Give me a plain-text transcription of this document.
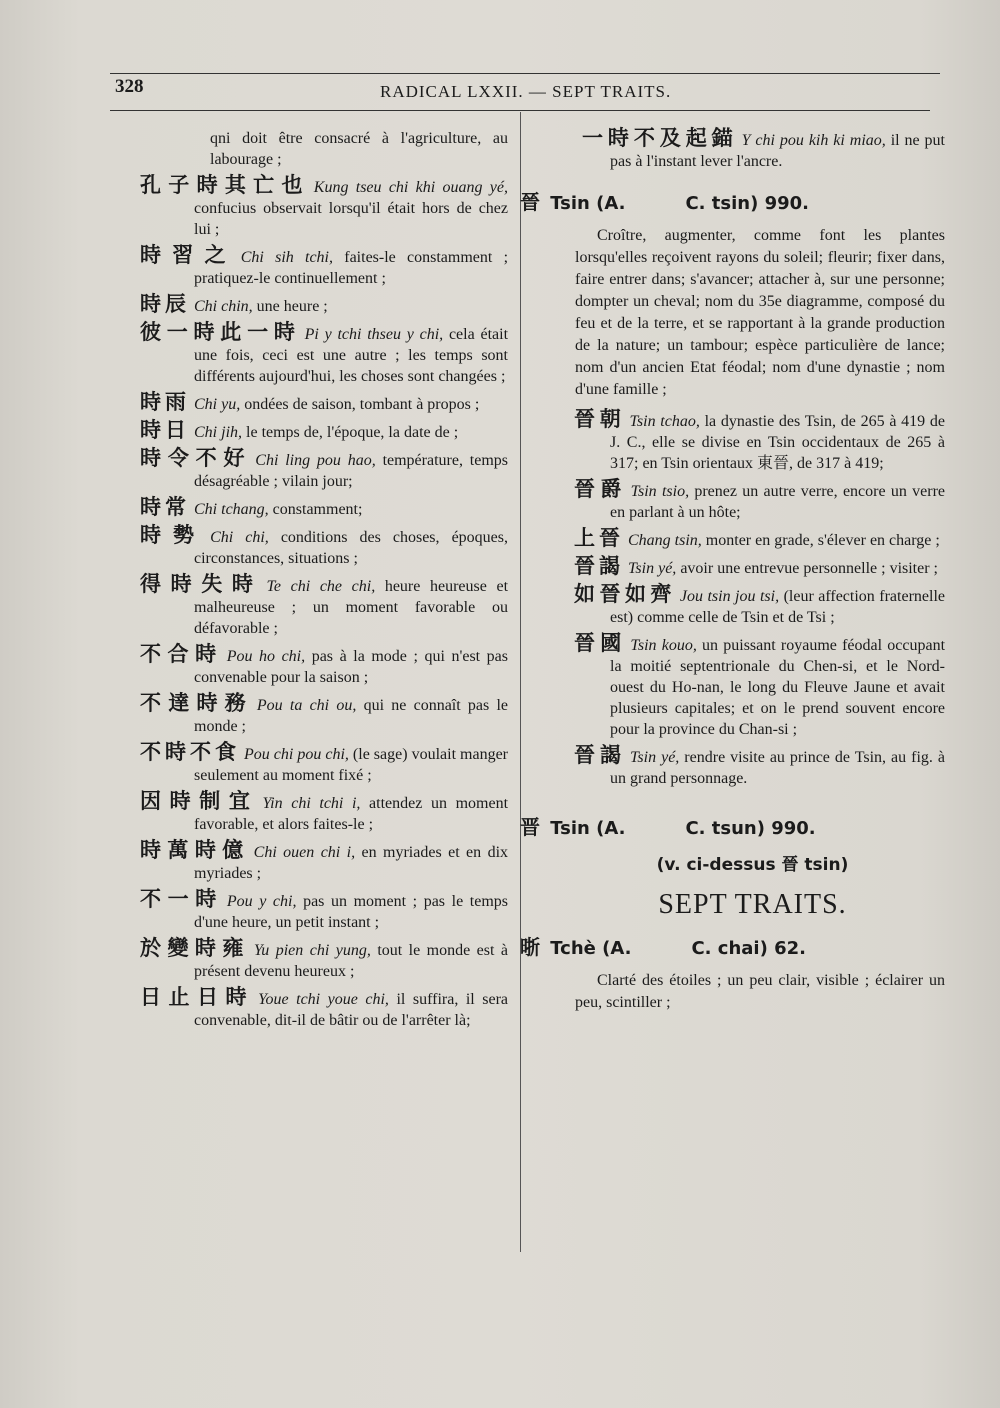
328	RADICAL LXXII. — SEPT TRAITS.

qni doit être consacré à l'agriculture, au labourage ;

孔子時其亡也 Kung tseu chi khi ouang yé, confucius observait lorsqu'il était hors de chez lui ;

時習之 Chi sih tchi, faites-le constamment ; pratiquez-le continuellement ;

時辰 Chi chin, une heure ;

彼一時此一時 Pi y tchi thseu y chi, cela était une fois, ceci est une autre ; les temps sont différents aujourd'hui, les choses sont changées ;

時雨 Chi yu, ondées de saison, tombant à propos ;

時日 Chi jih, le temps de, l'époque, la date de ;

時令不好 Chi ling pou hao, température, temps désagréable ; vilain jour;

時常 Chi tchang, constamment;

時勢 Chi chi, conditions des choses, époques, circonstances, situations ;

得時失時 Te chi che chi, heure heureuse et malheureuse ; un moment favorable ou défavorable ;

不合時 Pou ho chi, pas à la mode ; qui n'est pas convenable pour la saison ;

不達時務 Pou ta chi ou, qui ne connaît pas le monde ;

不時不食 Pou chi pou chi, (le sage) voulait manger seulement au moment fixé ;

因時制宜 Yin chi tchi i, attendez un moment favorable, et alors faites-le ;

時萬時億 Chi ouen chi i, en myriades et en dix myriades ;

不一時 Pou y chi, pas un moment ; pas le temps d'une heure, un petit instant ;

於變時雍 Yu pien chi yung, tout le monde est à présent devenu heureux ;

日止日時 Youe tchi youe chi, il suffira, il sera convenable, dit-il de bâtir ou de l'arrêter là;

一時不及起錨 Y chi pou kih ki miao, il ne put pas à l'instant lever l'ancre.

晉 Tsin (A.	C. tsin) 990.

Croître, augmenter, comme font les plantes lorsqu'elles reçoivent rayons du soleil; fleurir; fixer dans, faire entrer dans; s'avancer; attacher à, sur une personne; dompter un cheval; nom du 35e diagramme, composé du feu et de la terre, et se rapportant à la grande production de la nature; un tambour; espèce particulière de lance; nom d'un ancien Etat féodal; nom d'une dynastie ; nom d'une famille ;

晉朝 Tsin tchao, la dynastie des Tsin, de 265 à 419 de J. C., elle se divise en Tsin occidentaux de 265 à 317; en Tsin orientaux 東晉, de 317 à 419;

晉爵 Tsin tsio, prenez un autre verre, encore un verre en parlant à un hôte;

上晉 Chang tsin, monter en grade, s'élever en charge ;

晉謁 Tsin yé, avoir une entrevue personnelle ; visiter ;

如晉如齊 Jou tsin jou tsi, (leur affection fraternelle est) comme celle de Tsin et de Tsi ;

晉國 Tsin kouo, un puissant royaume féodal occupant la moitié septentrionale du Chen-si, et le Nord-ouest du Ho-nan, le long du Fleuve Jaune et avait plusieurs capitales; et on le prend souvent encore pour la province du Chan-si ;

晉謁 Tsin yé, rendre visite au prince de Tsin, au fig. à un grand personnage.

晋 Tsin (A.	C. tsun) 990.
(v. ci-dessus 晉 tsin)
SEPT TRAITS.
晣 Tchè (A.	C. chai) 62.

Clarté des étoiles ; un peu clair, visible ; éclairer un peu, scintiller ;
